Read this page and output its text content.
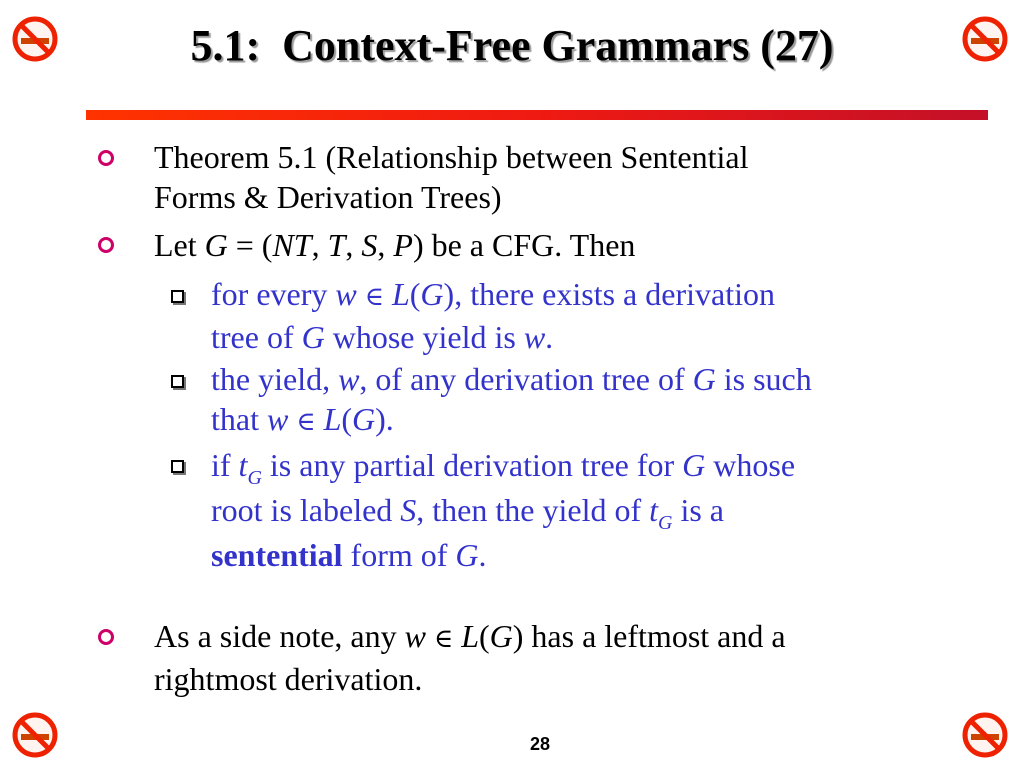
5.1: Context-Free Grammars (27)
Theorem 5.1 (Relationship between Sentential
Forms & Derivation Trees)
Let G = (NT, T, S, P) be a CFG. Then
for every w ∈ L(G), there exists a derivation
tree of G whose yield is w.
the yield, w, of any derivation tree of G is such
that w ∈ L(G).
if $t_G$ is any partial derivation tree for G whose
root is labeled S, then the yield of $t_G$ is a
sentential form of G.
As a side note, any w ∈ L(G) has a leftmost and a
rightmost derivation.
28
